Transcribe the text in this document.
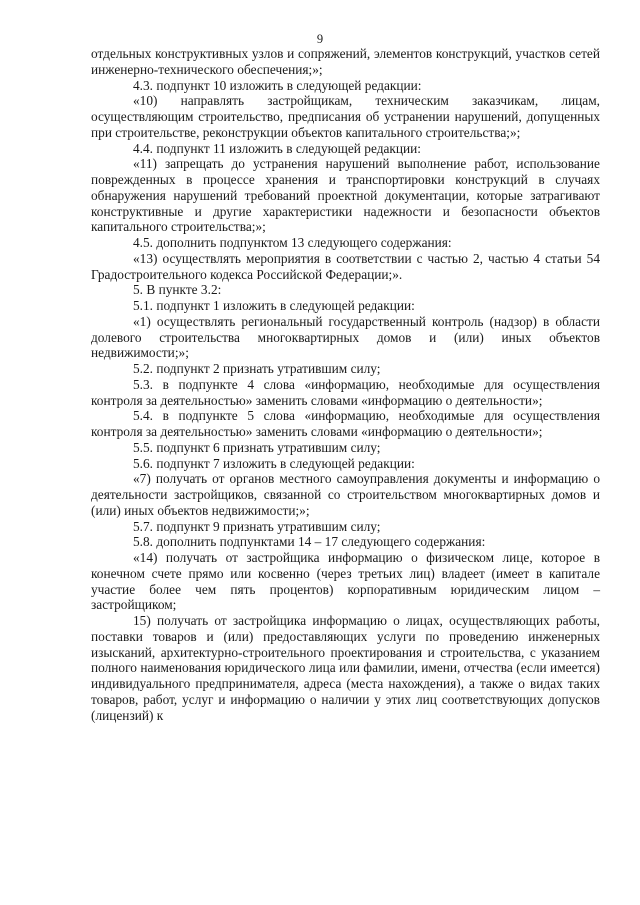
9

отдельных конструктивных узлов и сопряжений, элементов конструкций, участков сетей инженерно-технического обеспечения;»;

4.3. подпункт 10 изложить в следующей редакции:

«10) направлять застройщикам, техническим заказчикам, лицам, осуществляющим строительство, предписания об устранении нарушений, допущенных при строительстве, реконструкции объектов капитального строительства;»;

4.4. подпункт 11 изложить в следующей редакции:

«11) запрещать до устранения нарушений выполнение работ, использование поврежденных в процессе хранения и транспортировки конструкций в случаях обнаружения нарушений требований проектной документации, которые затрагивают конструктивные и другие характеристики надежности и безопасности объектов капитального строительства;»;

4.5. дополнить подпунктом 13 следующего содержания:

«13) осуществлять мероприятия в соответствии с частью 2, частью 4 статьи 54 Градостроительного кодекса Российской Федерации;».

5. В пункте 3.2:

5.1. подпункт 1 изложить в следующей редакции:

«1) осуществлять региональный государственный контроль (надзор) в области долевого строительства многоквартирных домов и (или) иных объектов недвижимости;»;

5.2. подпункт 2 признать утратившим силу;

5.3. в подпункте 4 слова «информацию, необходимые для осуществления контроля за деятельностью» заменить словами «информацию о деятельности»;

5.4. в подпункте 5 слова «информацию, необходимые для осуществления контроля за деятельностью» заменить словами «информацию о деятельности»;

5.5. подпункт 6 признать утратившим силу;

5.6. подпункт 7 изложить в следующей редакции:

«7) получать от органов местного самоуправления документы и информацию о деятельности застройщиков, связанной со строительством многоквартирных домов и (или) иных объектов недвижимости;»;

5.7. подпункт 9 признать утратившим силу;

5.8. дополнить подпунктами 14 – 17 следующего содержания:

«14) получать от застройщика информацию о физическом лице, которое в конечном счете прямо или косвенно (через третьих лиц) владеет (имеет в капитале участие более чем пять процентов) корпоративным юридическим лицом – застройщиком;

15) получать от застройщика информацию о лицах, осуществляющих работы, поставки товаров и (или) предоставляющих услуги по проведению инженерных изысканий, архитектурно-строительного проектирования и строительства, с указанием полного наименования юридического лица или фамилии, имени, отчества (если имеется) индивидуального предпринимателя, адреса (места нахождения), а также о видах таких товаров, работ, услуг и информацию о наличии у этих лиц соответствующих допусков (лицензий) к
